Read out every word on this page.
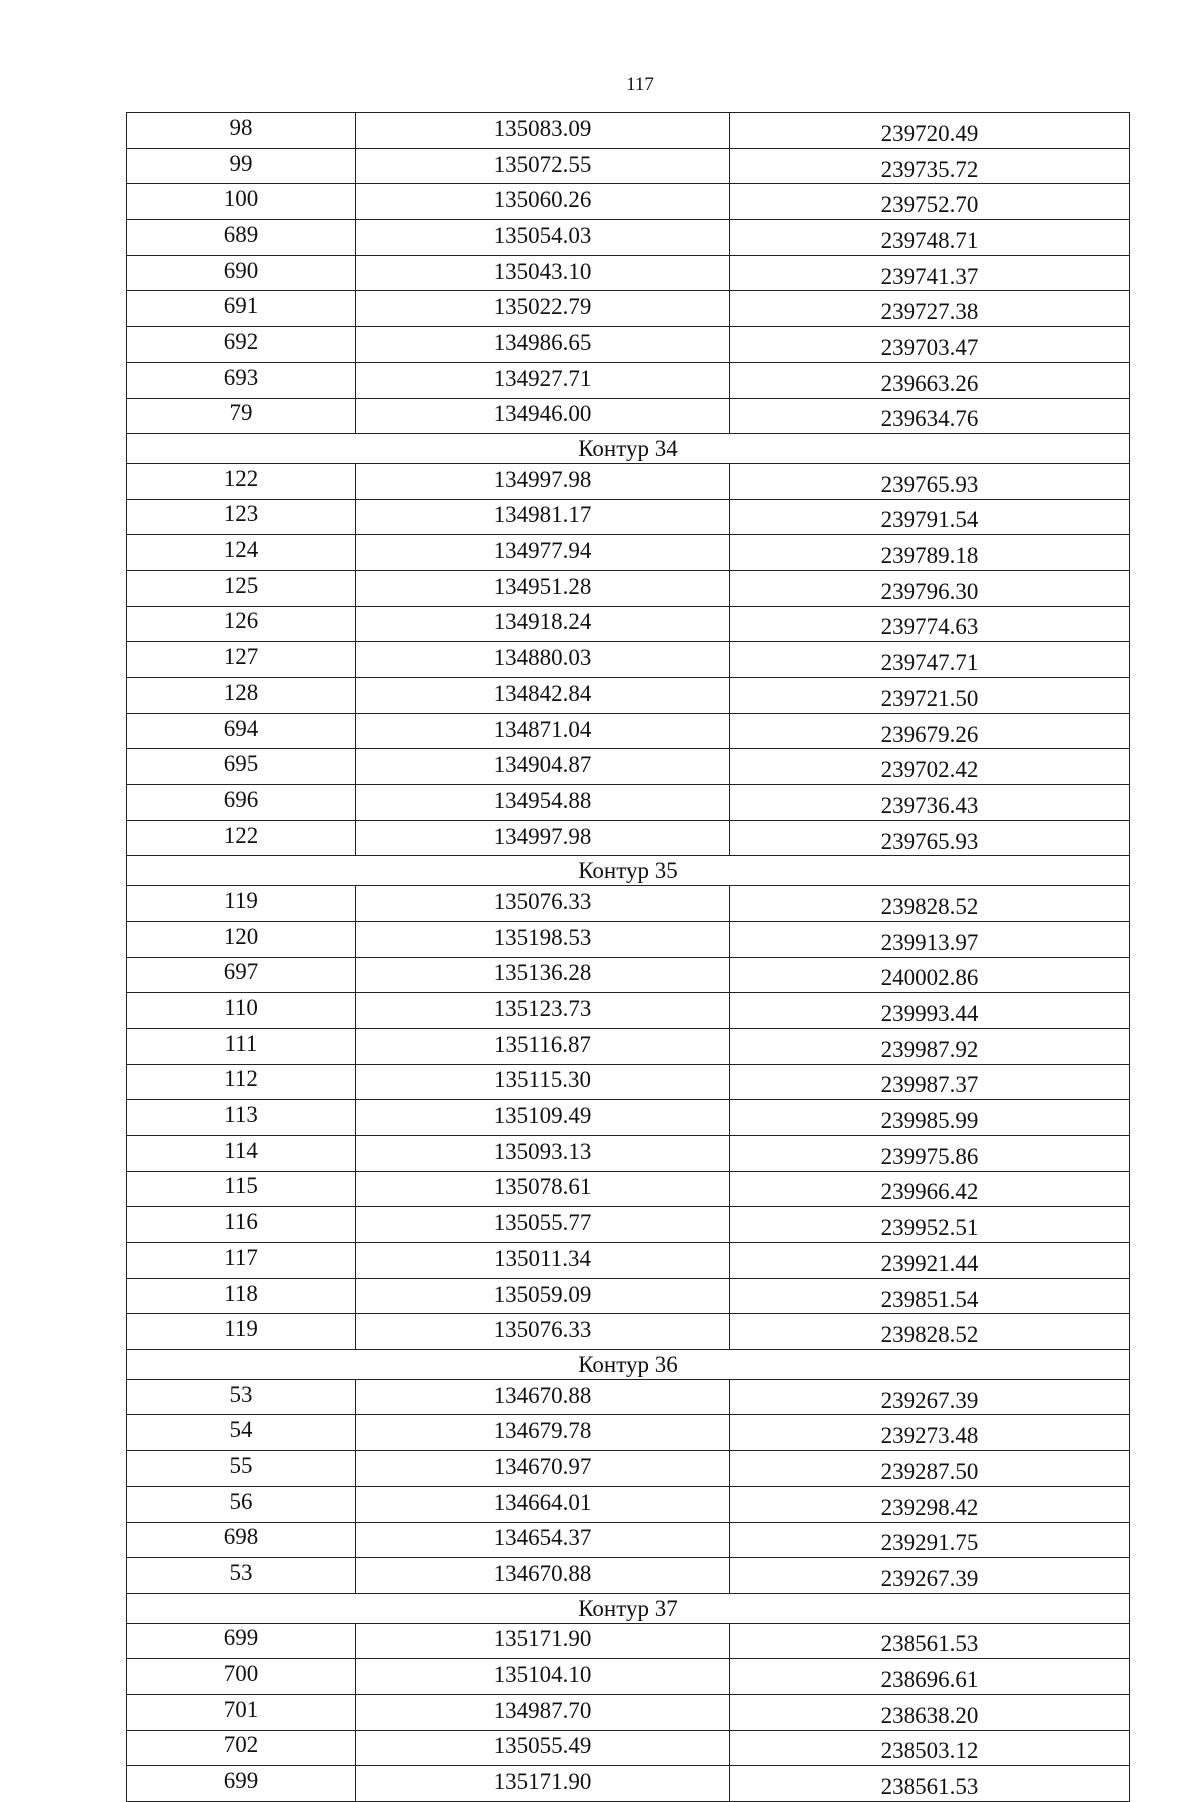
117
98	135083.09	239720.49
99	135072.55	239735.72
100	135060.26	239752.70
689	135054.03	239748.71
690	135043.10	239741.37
691	135022.79	239727.38
692	134986.65	239703.47
693	134927.71	239663.26
79	134946.00	239634.76
Контур 34		
122	134997.98	239765.93
123	134981.17	239791.54
124	134977.94	239789.18
125	134951.28	239796.30
126	134918.24	239774.63
127	134880.03	239747.71
128	134842.84	239721.50
694	134871.04	239679.26
695	134904.87	239702.42
696	134954.88	239736.43
122	134997.98	239765.93
Контур 35		
119	135076.33	239828.52
120	135198.53	239913.97
697	135136.28	240002.86
110	135123.73	239993.44
111	135116.87	239987.92
112	135115.30	239987.37
113	135109.49	239985.99
114	135093.13	239975.86
115	135078.61	239966.42
116	135055.77	239952.51
117	135011.34	239921.44
118	135059.09	239851.54
119	135076.33	239828.52
Контур 36		
53	134670.88	239267.39
54	134679.78	239273.48
55	134670.97	239287.50
56	134664.01	239298.42
698	134654.37	239291.75
53	134670.88	239267.39
Контур 37		
699	135171.90	238561.53
700	135104.10	238696.61
701	134987.70	238638.20
702	135055.49	238503.12
699	135171.90	238561.53
